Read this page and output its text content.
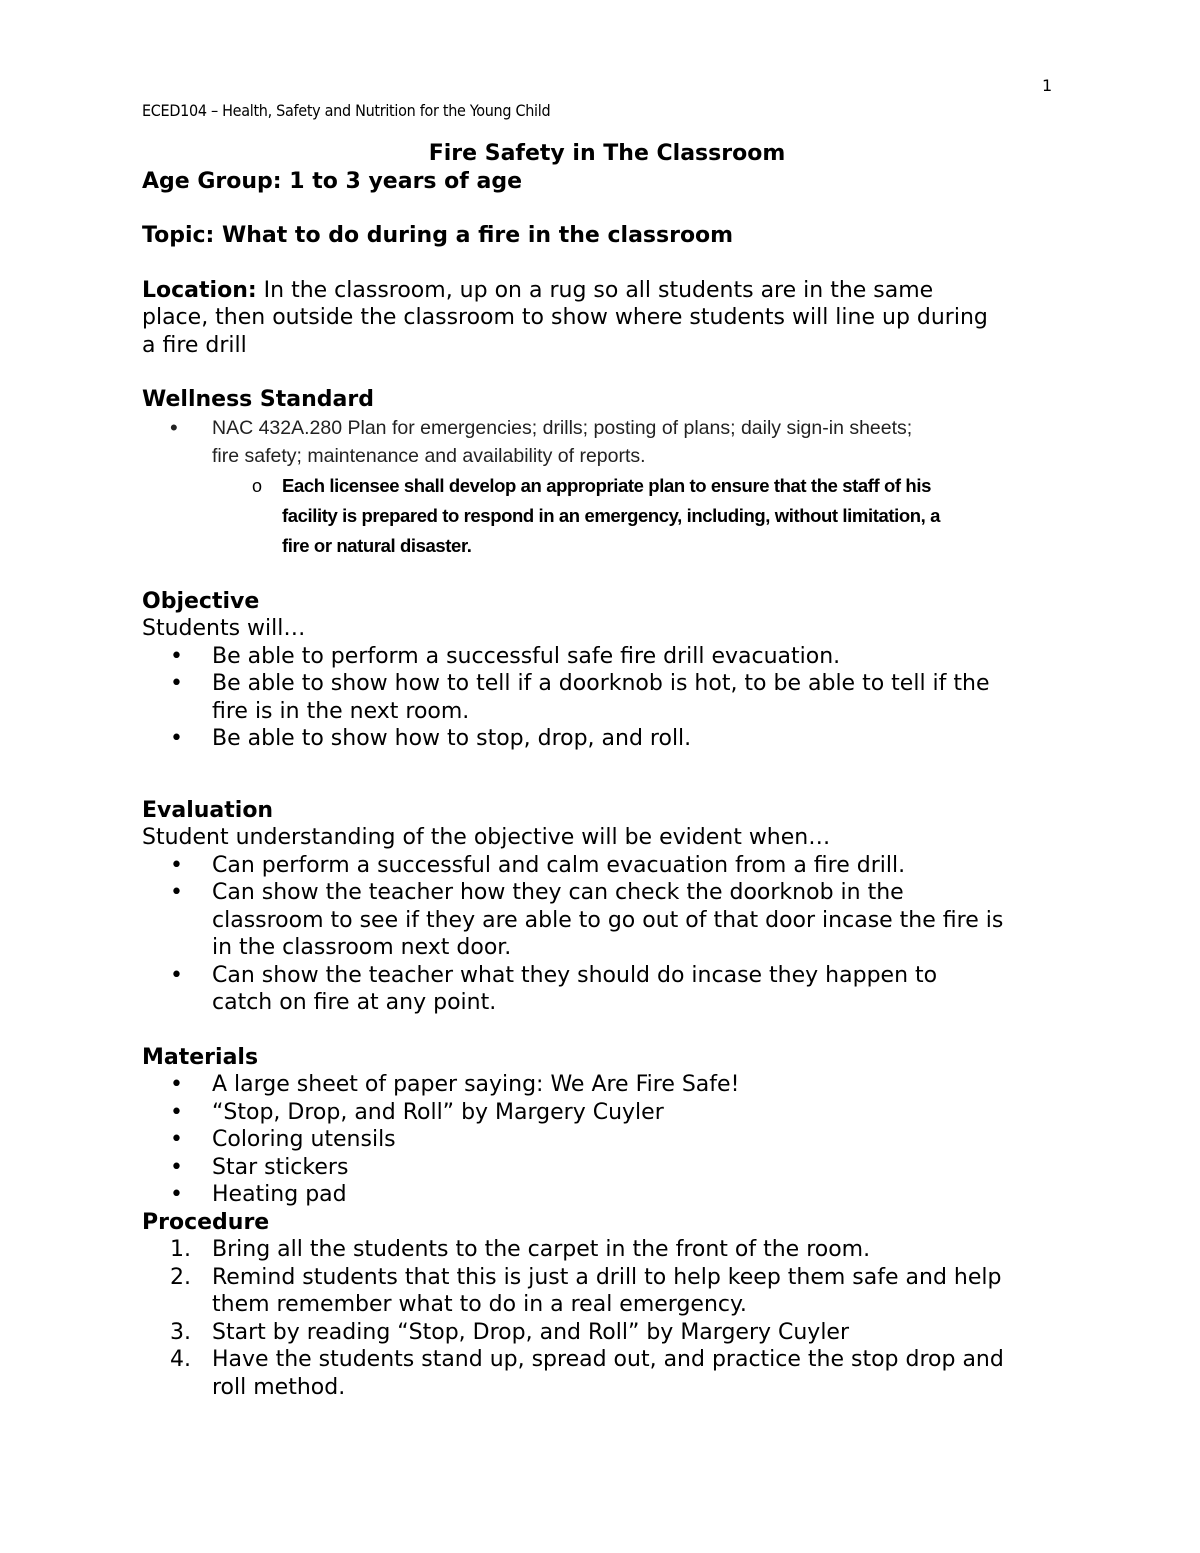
1
ECED104 – Health, Safety and Nutrition for the Young Child

Fire Safety in The Classroom

Age Group: 1 to 3 years of age

Topic: What to do during a fire in the classroom

Location: In the classroom, up on a rug so all students are in the same

place, then outside the classroom to show where students will line up during

a fire drill

Wellness Standard

• NAC 432A.280 Plan for emergencies; drills; posting of plans; daily sign-in sheets;
fire safety; maintenance and availability of reports.
o Each licensee shall develop an appropriate plan to ensure that the staff of his
facility is prepared to respond in an emergency, including, without limitation, a
fire or natural disaster.

Objective

Students will…

• Be able to perform a successful safe fire drill evacuation.
• Be able to show how to tell if a doorknob is hot, to be able to tell if the
fire is in the next room.
• Be able to show how to stop, drop, and roll.

Evaluation

Student understanding of the objective will be evident when…

• Can perform a successful and calm evacuation from a fire drill.
• Can show the teacher how they can check the doorknob in the
classroom to see if they are able to go out of that door incase the fire is
in the classroom next door.
• Can show the teacher what they should do incase they happen to
catch on fire at any point.

Materials

• A large sheet of paper saying: We Are Fire Safe!
• “Stop, Drop, and Roll” by Margery Cuyler
• Coloring utensils
• Star stickers
• Heating pad

Procedure

1. Bring all the students to the carpet in the front of the room.
2. Remind students that this is just a drill to help keep them safe and help
them remember what to do in a real emergency.
3. Start by reading “Stop, Drop, and Roll” by Margery Cuyler
4. Have the students stand up, spread out, and practice the stop drop and
roll method.
